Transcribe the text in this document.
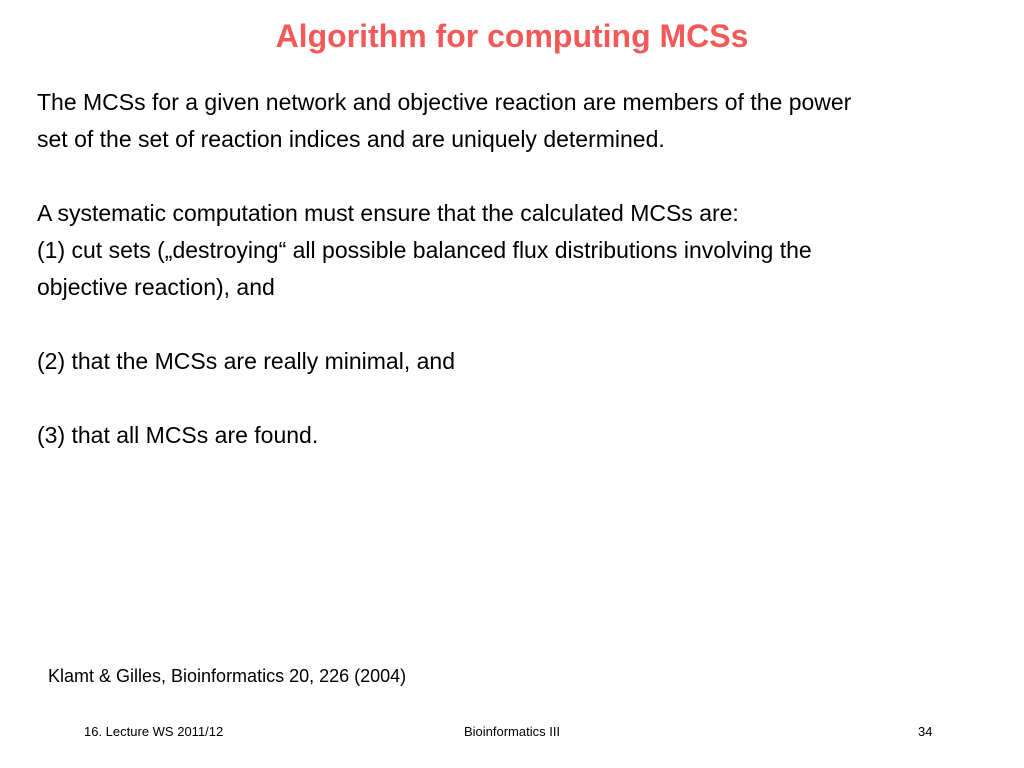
Algorithm for computing MCSs

The MCSs for a given network and objective reaction are members of the power

set of the set of reaction indices and are uniquely determined.

A systematic computation must ensure that the calculated MCSs are:

(1) cut sets („destroying“ all possible balanced flux distributions involving the

objective reaction), and

(2) that the MCSs are really minimal, and

(3) that all MCSs are found.

Klamt & Gilles, Bioinformatics 20, 226 (2004)
16. Lecture WS 2011/12	Bioinformatics III	34
